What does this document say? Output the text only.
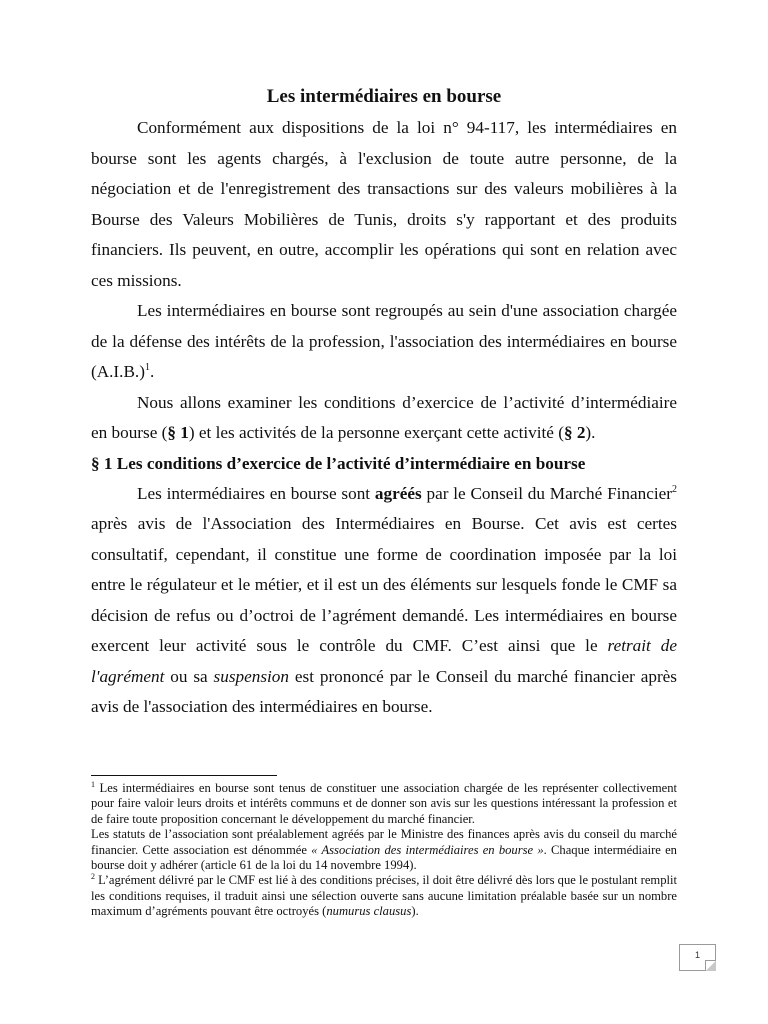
Les intermédiaires en bourse

Conformément aux dispositions de la loi n° 94-117, les intermédiaires en bourse sont les agents chargés, à l'exclusion de toute autre personne, de la négociation et de l'enregistrement des transactions sur des valeurs mobilières à la Bourse des Valeurs Mobilières de Tunis, droits s'y rapportant et des produits financiers. Ils peuvent, en outre, accomplir les opérations qui sont en relation avec ces missions.

Les intermédiaires en bourse sont regroupés au sein d'une association chargée de la défense des intérêts de la profession, l'association des intermédiaires en bourse $(A.I.B.)^1$.

Nous allons examiner les conditions d’exercice de l’activité d’intermédiaire en bourse (§ 1) et les activités de la personne exerçant cette activité (§ 2).

§ 1 Les conditions d’exercice de l’activité d’intermédiaire en bourse

Les intermédiaires en bourse sont agréés par le Conseil du Marché Financier$^2$ après avis de l'Association des Intermédiaires en Bourse. Cet avis est certes consultatif, cependant, il constitue une forme de coordination imposée par la loi entre le régulateur et le métier, et il est un des éléments sur lesquels fonde le CMF sa décision de refus ou d’octroi de l’agrément demandé. Les intermédiaires en bourse exercent leur activité sous le contrôle du CMF. C’est ainsi que le retrait de l'agrément ou sa suspension est prononcé par le Conseil du marché financier après avis de l'association des intermédiaires en bourse.

$^1$ Les intermédiaires en bourse sont tenus de constituer une association chargée de les représenter collectivement pour faire valoir leurs droits et intérêts communs et de donner son avis sur les questions intéressant la profession et de faire toute proposition concernant le développement du marché financier.

Les statuts de l’association sont préalablement agréés par le Ministre des finances après avis du conseil du marché financier. Cette association est dénommée « Association des intermédiaires en bourse ». Chaque intermédiaire en bourse doit y adhérer (article 61 de la loi du 14 novembre 1994).

$^2$ L’agrément délivré par le CMF est lié à des conditions précises, il doit être délivré dès lors que le postulant remplit les conditions requises, il traduit ainsi une sélection ouverte sans aucune limitation préalable basée sur un nombre maximum d’agréments pouvant être octroyés (numurus clausus).

1
